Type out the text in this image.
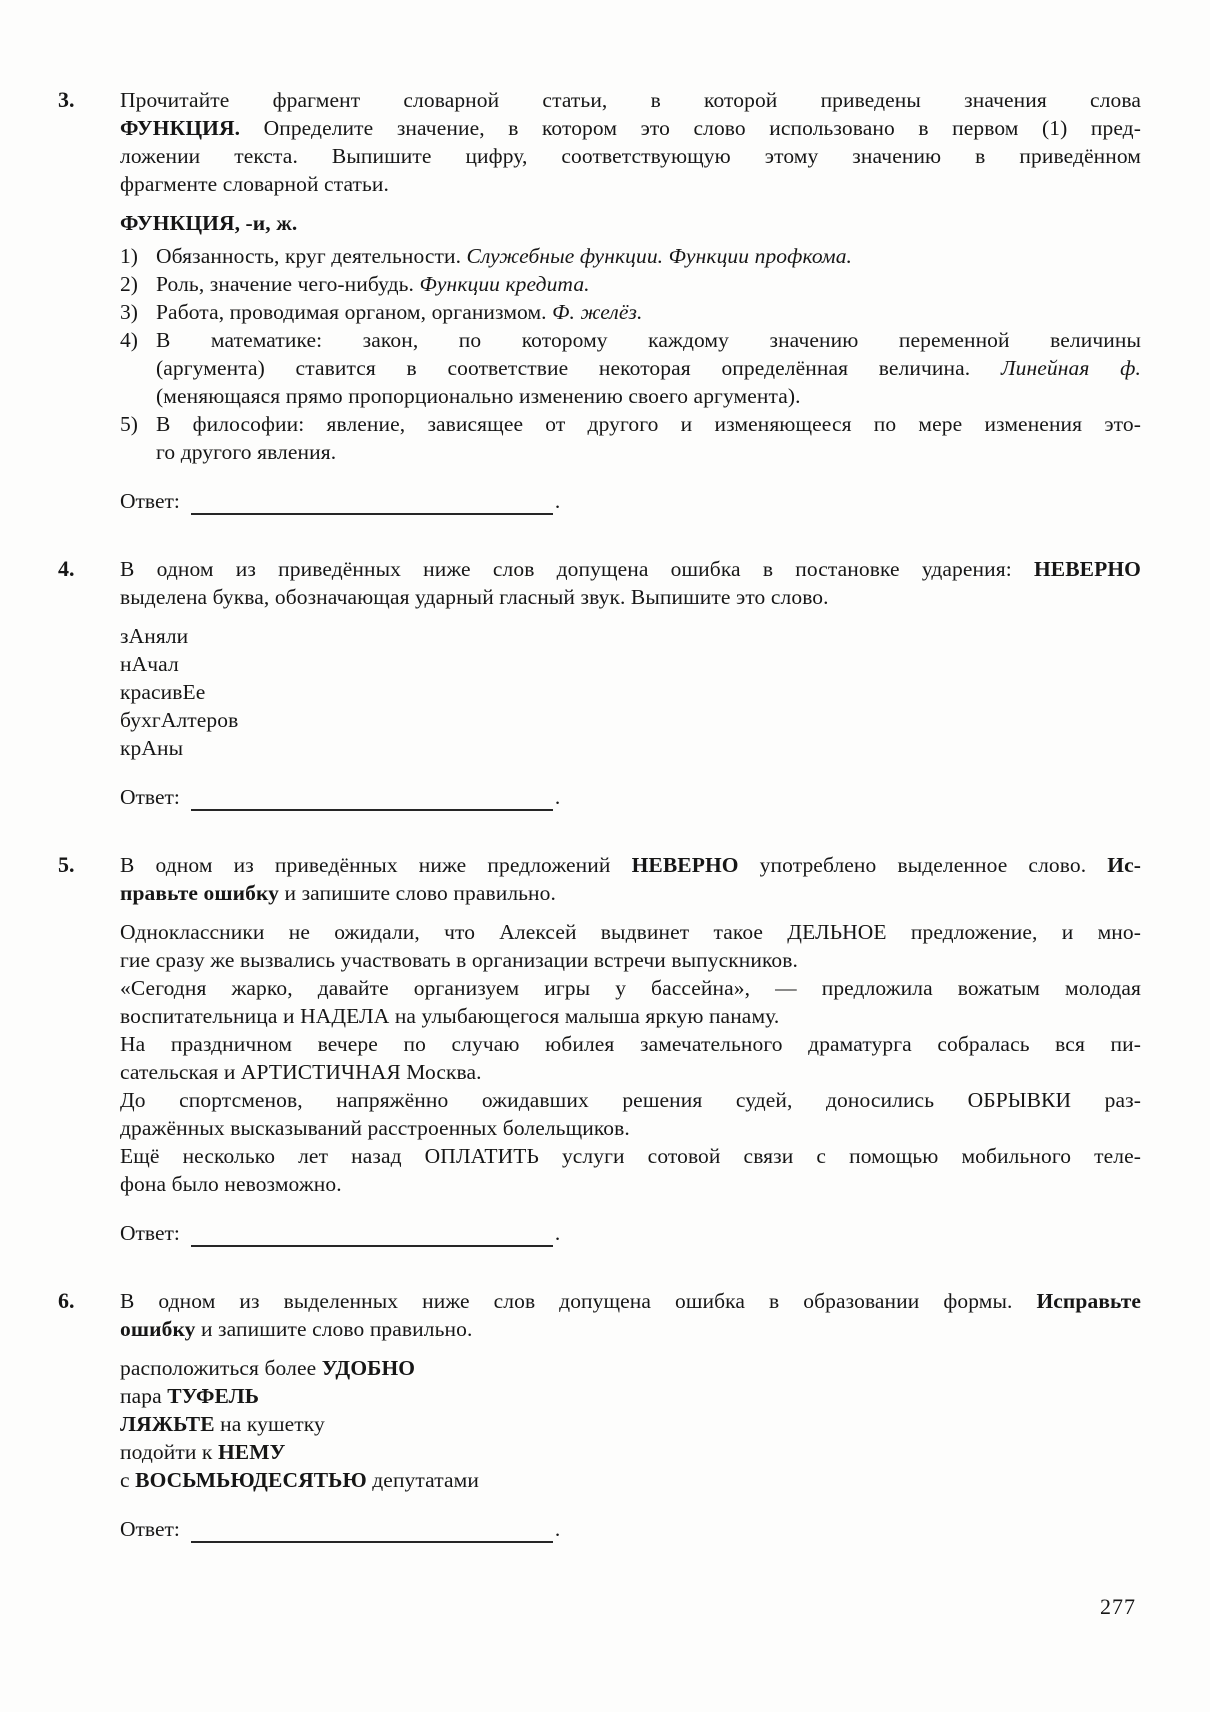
3.	Прочитайте фрагмент словарной статьи, в которой приведены значения слова
ФУНКЦИЯ. Определите значение, в котором это слово использовано в первом (1) пред-
ложении текста. Выпишите цифру, соответствующую этому значению в приведённом
фрагменте словарной статьи.
ФУНКЦИЯ, -и, ж.
1) Обязанность, круг деятельности. Служебные функции. Функции профкома.
2) Роль, значение чего-нибудь. Функции кредита.
3) Работа, проводимая органом, организмом. Ф. желёз.
4) В математике: закон, по которому каждому значению переменной величины
(аргумента) ставится в соответствие некоторая определённая величина. Линейная ф.
(меняющаяся прямо пропорционально изменению своего аргумента).
5) В философии: явление, зависящее от другого и изменяющееся по мере изменения это-
го другого явления.
Ответ:	.
4.	В одном из приведённых ниже слов допущена ошибка в постановке ударения: НЕВЕРНО
выделена буква, обозначающая ударный гласный звук. Выпишите это слово.
зАняли
нАчал
красивЕе
бухгАлтеров
крАны
Ответ:	.
5.	В одном из приведённых ниже предложений НЕВЕРНО употреблено выделенное слово. Ис-
правьте ошибку и запишите слово правильно.
Одноклассники не ожидали, что Алексей выдвинет такое ДЕЛЬНОЕ предложение, и мно-
гие сразу же вызвались участвовать в организации встречи выпускников.
«Сегодня жарко, давайте организуем игры у бассейна», — предложила вожатым молодая
воспитательница и НАДЕЛА на улыбающегося малыша яркую панаму.
На праздничном вечере по случаю юбилея замечательного драматурга собралась вся пи-
сательская и АРТИСТИЧНАЯ Москва.
До спортсменов, напряжённо ожидавших решения судей, доносились ОБРЫВКИ раз-
дражённых высказываний расстроенных болельщиков.
Ещё несколько лет назад ОПЛАТИТЬ услуги сотовой связи с помощью мобильного теле-
фона было невозможно.
Ответ:	.
6.	В одном из выделенных ниже слов допущена ошибка в образовании формы. Исправьте
ошибку и запишите слово правильно.
расположиться более УДОБНО
пара ТУФЕЛЬ
ЛЯЖЬТЕ на кушетку
подойти к НЕМУ
с ВОСЬМЬЮДЕСЯТЬЮ депутатами
Ответ:	.
277
